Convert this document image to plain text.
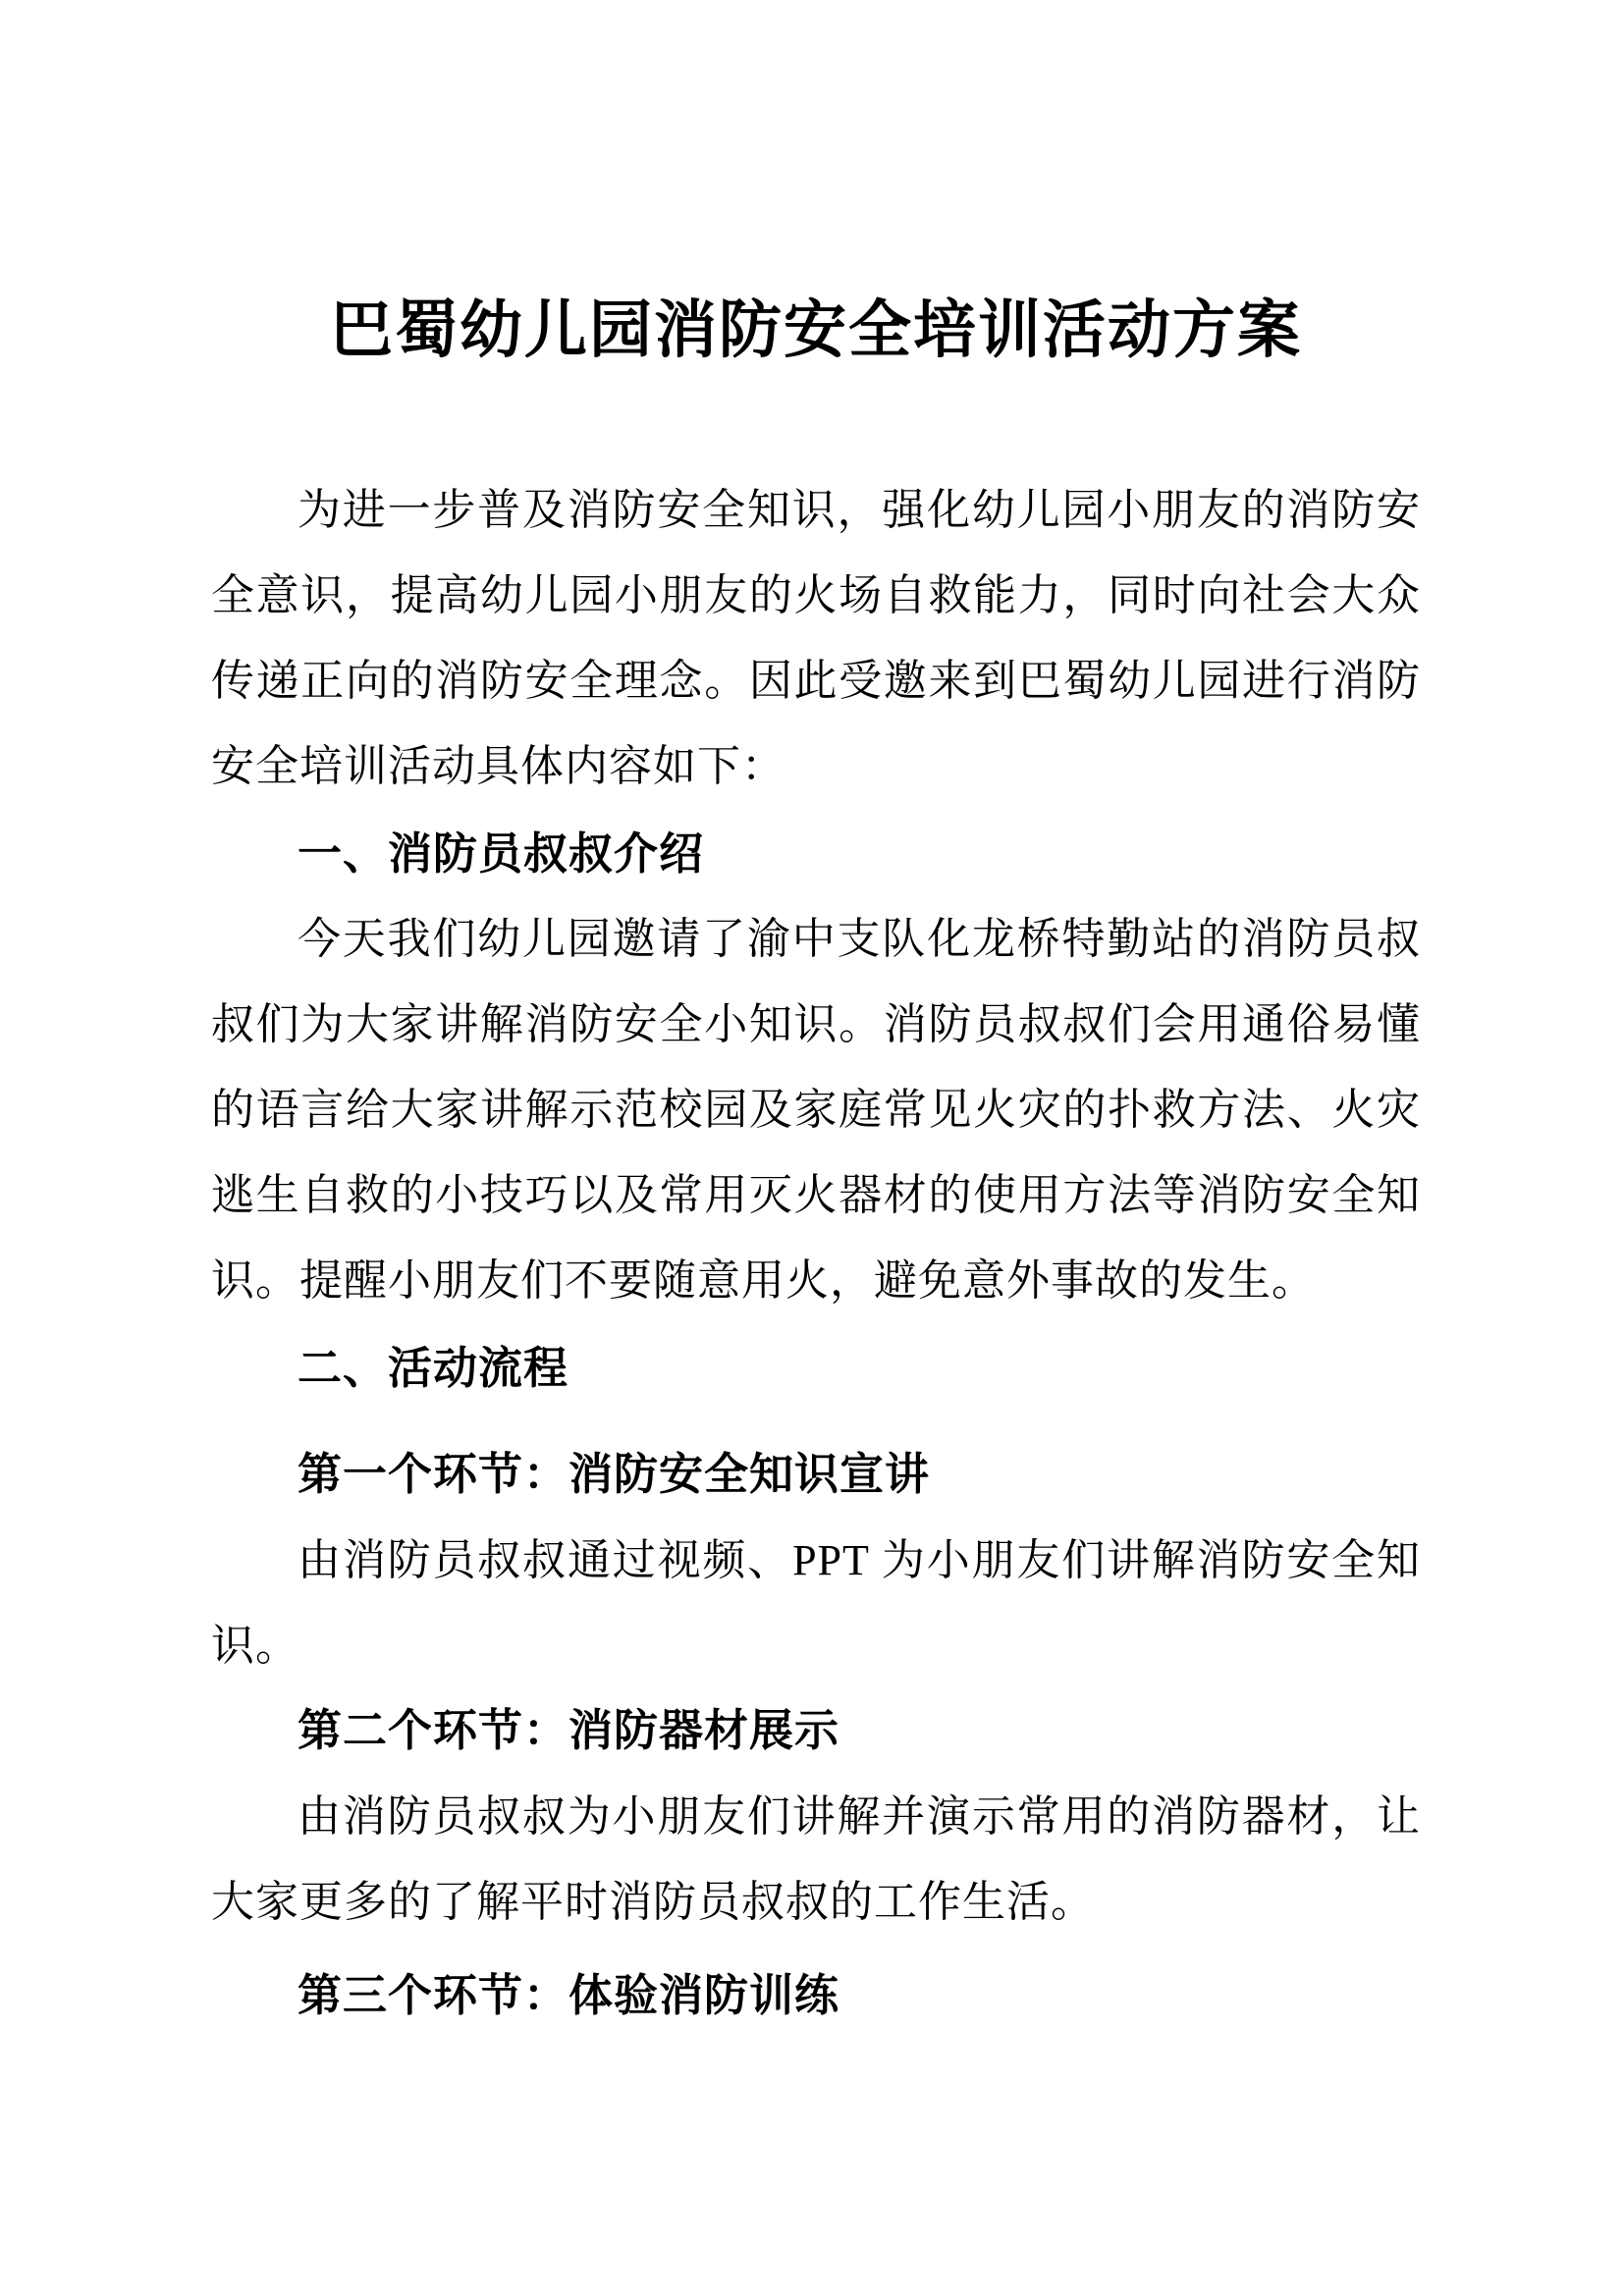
巴蜀幼儿园消防安全培训活动方案

为进一步普及消防安全知识，强化幼儿园小朋友的消防安全意识，提高幼儿园小朋友的火场自救能力，同时向社会大众传递正向的消防安全理念。因此受邀来到巴蜀幼儿园进行消防安全培训活动具体内容如下：

一、消防员叔叔介绍

今天我们幼儿园邀请了渝中支队化龙桥特勤站的消防员叔叔们为大家讲解消防安全小知识。消防员叔叔们会用通俗易懂的语言给大家讲解示范校园及家庭常见火灾的扑救方法、火灾逃生自救的小技巧以及常用灭火器材的使用方法等消防安全知识。提醒小朋友们不要随意用火，避免意外事故的发生。

二、活动流程
第一个环节：消防安全知识宣讲

由消防员叔叔通过视频、PPT 为小朋友们讲解消防安全知识。

第二个环节：消防器材展示

由消防员叔叔为小朋友们讲解并演示常用的消防器材，让大家更多的了解平时消防员叔叔的工作生活。

第三个环节：体验消防训练
